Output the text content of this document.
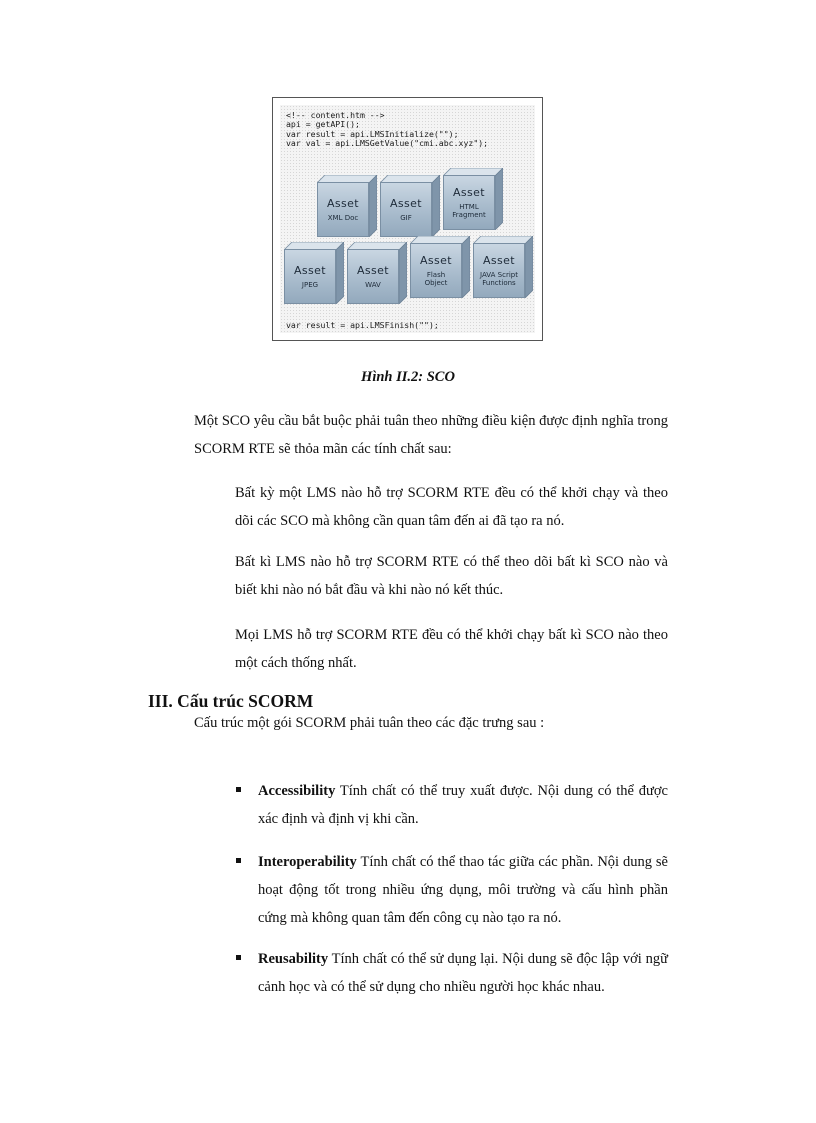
<!-- content.htm -->
api = getAPI();
var result = api.LMSInitialize("");
var val = api.LMSGetValue("cmi.abc.xyz");
Asset
XML Doc
Asset
GIF
Asset
HTML
Fragment
Asset
JPEG
Asset
WAV
Asset
Flash
Object
Asset
JAVA Script
Functions
var result = api.LMSFinish("");
Hình II.2: SCO

Một SCO yêu cầu bắt buộc phải tuân theo những điều kiện được định nghĩa trong SCORM RTE sẽ thỏa mãn các tính chất sau:

Bất kỳ một LMS nào hỗ trợ SCORM RTE đều có thể khởi chạy và theo dõi các SCO mà không cần quan tâm đến ai đã tạo ra nó.

Bất kì LMS nào hỗ trợ SCORM RTE có thể theo dõi bất kì SCO nào và biết khi nào nó bắt đầu và khi nào nó kết thúc.

Mọi LMS hỗ trợ SCORM RTE đều có thể khởi chạy bất kì SCO nào theo một cách thống nhất.

III. Cấu trúc SCORM

Cấu trúc một gói SCORM phải tuân theo các đặc trưng sau :

Accessibility Tính chất có thể truy xuất được. Nội dung có thể được xác định và định vị khi cần.

Interoperability Tính chất có thể thao tác giữa các phần. Nội dung sẽ hoạt động tốt trong nhiều ứng dụng, môi trường và cấu hình phần cứng mà không quan tâm đến công cụ nào tạo ra nó.

Reusability Tính chất có thể sử dụng lại. Nội dung sẽ độc lập với ngữ cảnh học và có thể sử dụng cho nhiều người học khác nhau.
